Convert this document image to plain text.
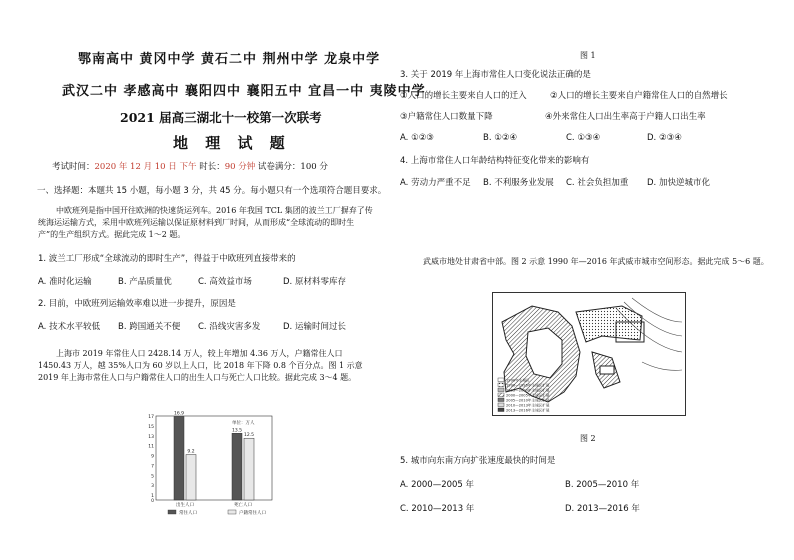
鄂南高中 黄冈中学 黄石二中 荆州中学 龙泉中学
武汉二中 孝感高中 襄阳四中 襄阳五中 宜昌一中 夷陵中学
2021 届高三湖北十一校第一次联考
地 理 试 题
考试时间：2020 年 12 月 10 日 下午 时长：90 分钟 试卷满分：100 分
一、选择题：本题共 15 小题，每小题 3 分，共 45 分。每小题只有一个选项符合题目要求。
中欧班列是指中国开往欧洲的快速货运列车。2016 年我国 TCL 集团的波兰工厂摒弃了传统海运运输方式，采用中欧班列运输以保证原材料到厂时间，从而形成“全球流动的即时生产”的生产组织方式。据此完成 1～2 题。
1. 波兰工厂形成“全球流动的即时生产”，得益于中欧班列直接带来的
A. 准时化运输	B. 产品质量优	C. 高效益市场	D. 原材料零库存
2. 目前，中欧班列运输效率难以进一步提升，原因是
A. 技术水平较低 B. 跨国通关不便 C. 沿线灾害多发	D. 运输时间过长
上海市 2019 年常住人口 2428.14 万人，较上年增加 4.36 万人，户籍常住人口 1450.43 万人，越 35%人口为 60 岁以上人口，比 2018 年下降 0.8 个百分点。图 1 示意 2019 年上海市常住人口与户籍常住人口的出生人口与死亡人口比较。据此完成 3～4 题。
0
1
3
5
7
9
11
13
15
17
单位：万人
16.9
9.2
出生人口
13.5
12.5
死亡人口
常住人口	户籍常住人口
图 1
3. 关于 2019 年上海市常住人口变化说法正确的是
①人口的增长主要来自人口的迁入	②人口的增长主要来自户籍常住人口的自然增长
③户籍常住人口数量下降	④外来常住人口出生率高于户籍人口出生率
A. ①②③	B. ①②④	C. ①③④	D. ②③④
4. 上海市常住人口年龄结构特征变化带来的影响有
A. 劳动力严重不足 B. 不利服务业发展 C. 社会负担加重 D. 加快逆城市化
武威市地处甘肃省中部。图 2 示意 1990 年—2016 年武威市城市空间形态。据此完成 5～6 题。
1990年主城区
1990—1995年主城区扩展
1995—2000年主城区扩展
2000—2005年主城区扩展
2005—2010年主城区扩展
2010—2013年主城区扩展
2013—2016年主城区扩展
图 2
5. 城市向东南方向扩张速度最快的时间是
A. 2000—2005 年	B. 2005—2010 年
C. 2010—2013 年	D. 2013—2016 年
